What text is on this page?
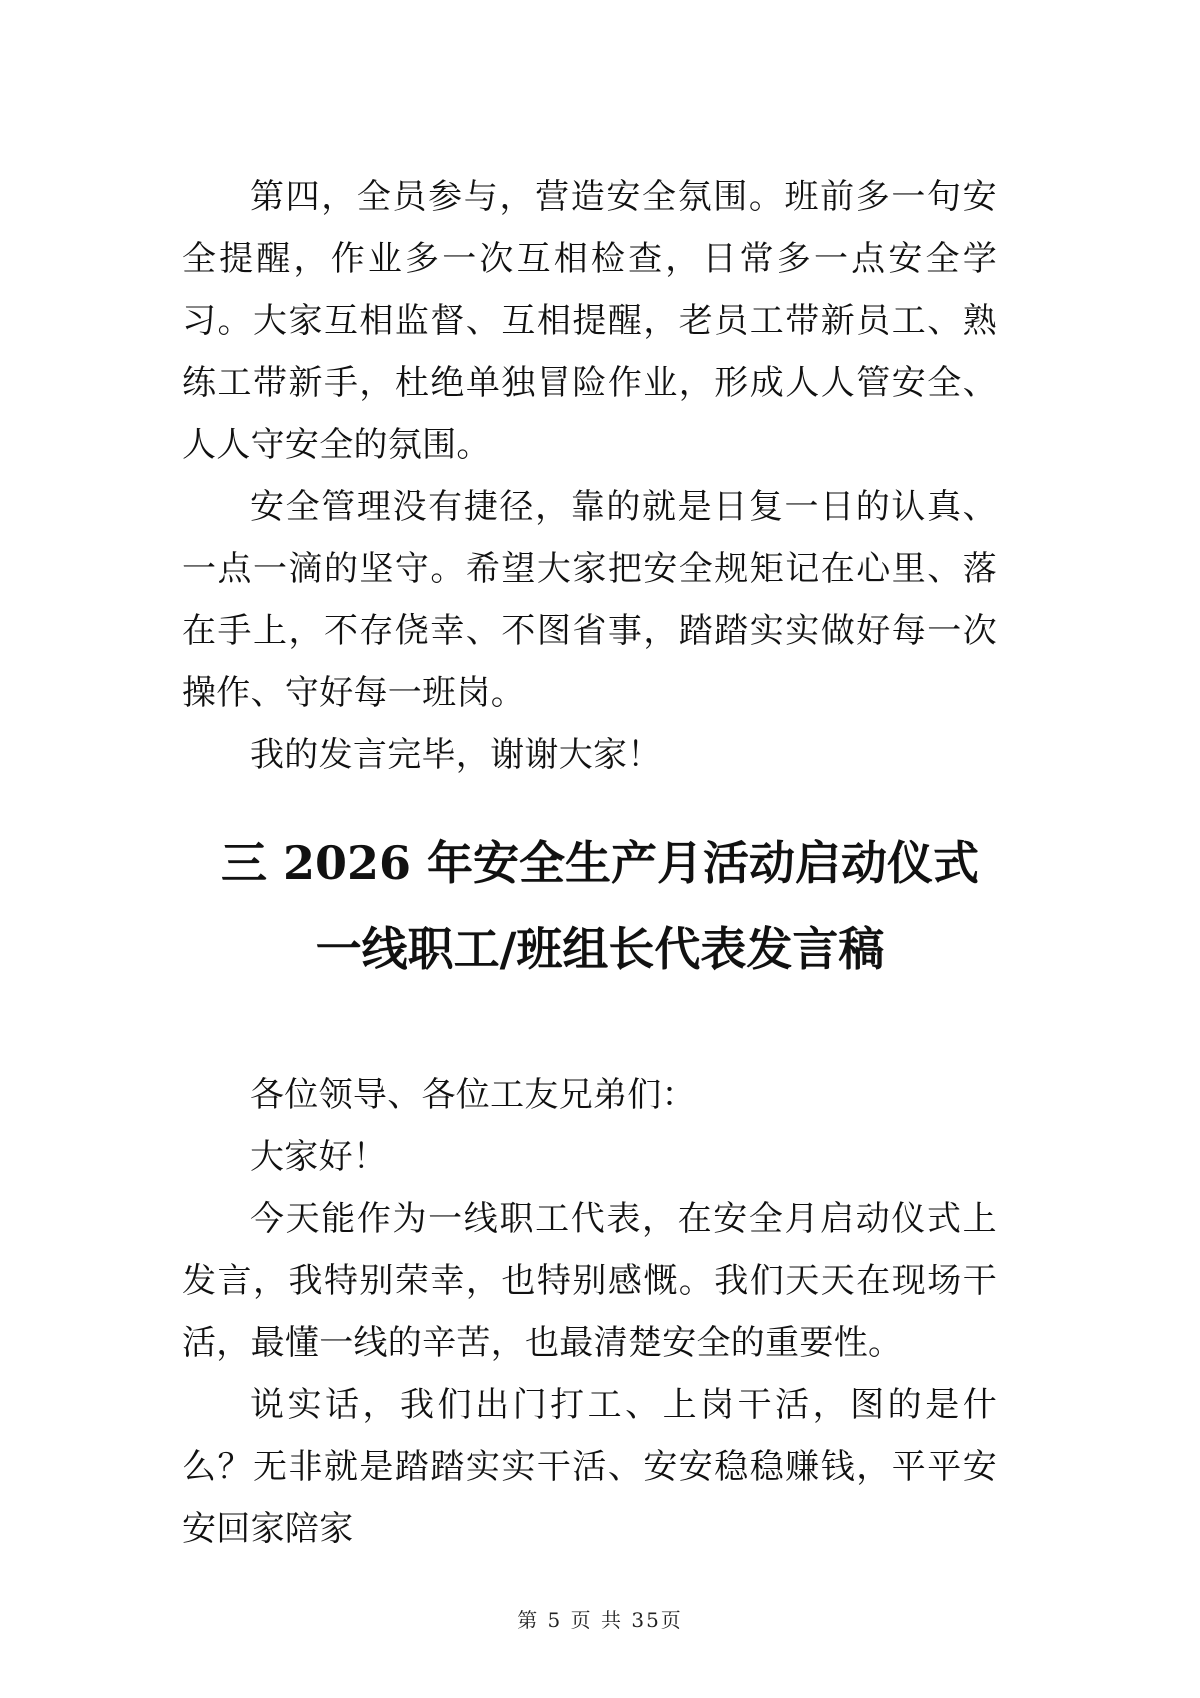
第四，全员参与，营造安全氛围。班前多一句安全提醒，作业多一次互相检查，日常多一点安全学习。大家互相监督、互相提醒，老员工带新员工、熟练工带新手，杜绝单独冒险作业，形成人人管安全、人人守安全的氛围。

安全管理没有捷径，靠的就是日复一日的认真、一点一滴的坚守。希望大家把安全规矩记在心里、落在手上，不存侥幸、不图省事，踏踏实实做好每一次操作、守好每一班岗。

我的发言完毕，谢谢大家！

三 2026 年安全生产月活动启动仪式
一线职工/班组长代表发言稿

各位领导、各位工友兄弟们：

大家好！

今天能作为一线职工代表，在安全月启动仪式上发言，我特别荣幸，也特别感慨。我们天天在现场干活，最懂一线的辛苦，也最清楚安全的重要性。

说实话，我们出门打工、上岗干活，图的是什么？无非就是踏踏实实干活、安安稳稳赚钱，平平安安回家陪家

第 5 页 共 35页
